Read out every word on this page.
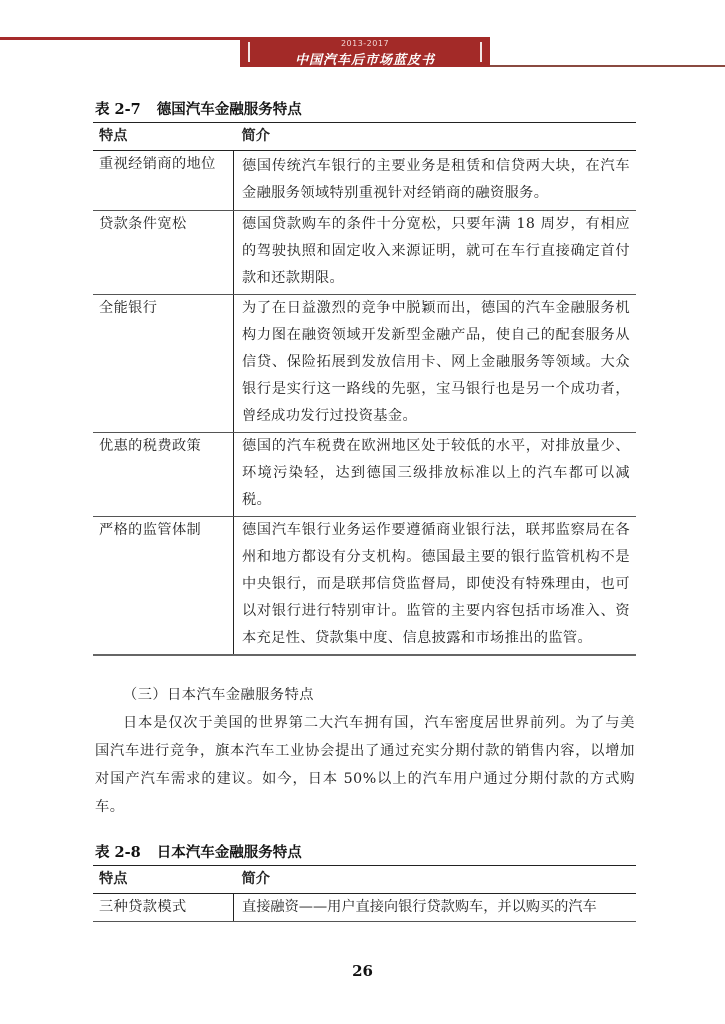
2013-2017
中国汽车后市场蓝皮书
表 2-7 德国汽车金融服务特点
特点	简介
重视经销商的地位	德国传统汽车银行的主要业务是租赁和信贷两大块，在汽车金融服务领域特别重视针对经销商的融资服务。
贷款条件宽松	德国贷款购车的条件十分宽松，只要年满 18 周岁，有相应的驾驶执照和固定收入来源证明，就可在车行直接确定首付款和还款期限。
全能银行	为了在日益激烈的竞争中脱颖而出，德国的汽车金融服务机构力图在融资领域开发新型金融产品，使自己的配套服务从信贷、保险拓展到发放信用卡、网上金融服务等领域。大众银行是实行这一路线的先驱，宝马银行也是另一个成功者，曾经成功发行过投资基金。
优惠的税费政策	德国的汽车税费在欧洲地区处于较低的水平，对排放量少、环境污染轻，达到德国三级排放标准以上的汽车都可以减税。
严格的监管体制	德国汽车银行业务运作要遵循商业银行法，联邦监察局在各州和地方都设有分支机构。德国最主要的银行监管机构不是中央银行，而是联邦信贷监督局，即使没有特殊理由，也可以对银行进行特别审计。监管的主要内容包括市场准入、资本充足性、贷款集中度、信息披露和市场推出的监管。
（三）日本汽车金融服务特点
日本是仅次于美国的世界第二大汽车拥有国，汽车密度居世界前列。为了与美国汽车进行竞争，旗本汽车工业协会提出了通过充实分期付款的销售内容，以增加对国产汽车需求的建议。如今，日本 50%以上的汽车用户通过分期付款的方式购车。
表 2-8 日本汽车金融服务特点
特点	简介
三种贷款模式	直接融资——用户直接向银行贷款购车，并以购买的汽车
26
